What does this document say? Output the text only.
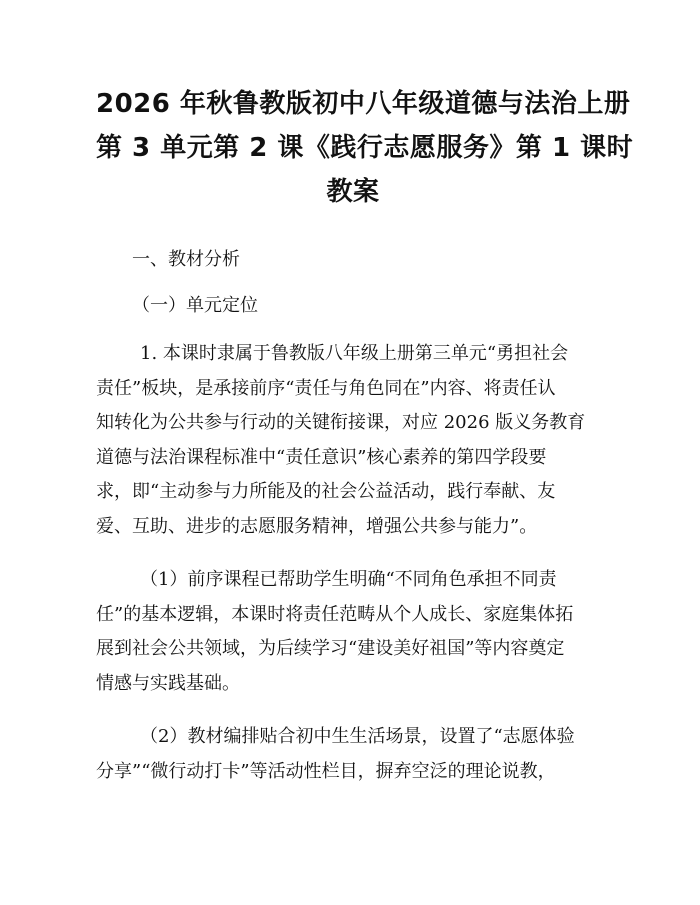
2026 年秋鲁教版初中八年级道德与法治上册
第 3 单元第 2 课《践行志愿服务》第 1 课时
教案
一、教材分析
（一）单元定位
1. 本课时隶属于鲁教版八年级上册第三单元“勇担社会
责任”板块，是承接前序“责任与角色同在”内容、将责任认
知转化为公共参与行动的关键衔接课，对应 2026 版义务教育
道德与法治课程标准中“责任意识”核心素养的第四学段要
求，即“主动参与力所能及的社会公益活动，践行奉献、友
爱、互助、进步的志愿服务精神，增强公共参与能力”。
（1）前序课程已帮助学生明确“不同角色承担不同责
任”的基本逻辑，本课时将责任范畴从个人成长、家庭集体拓
展到社会公共领域，为后续学习“建设美好祖国”等内容奠定
情感与实践基础。
（2）教材编排贴合初中生生活场景，设置了“志愿体验
分享”“微行动打卡”等活动性栏目，摒弃空泛的理论说教，
